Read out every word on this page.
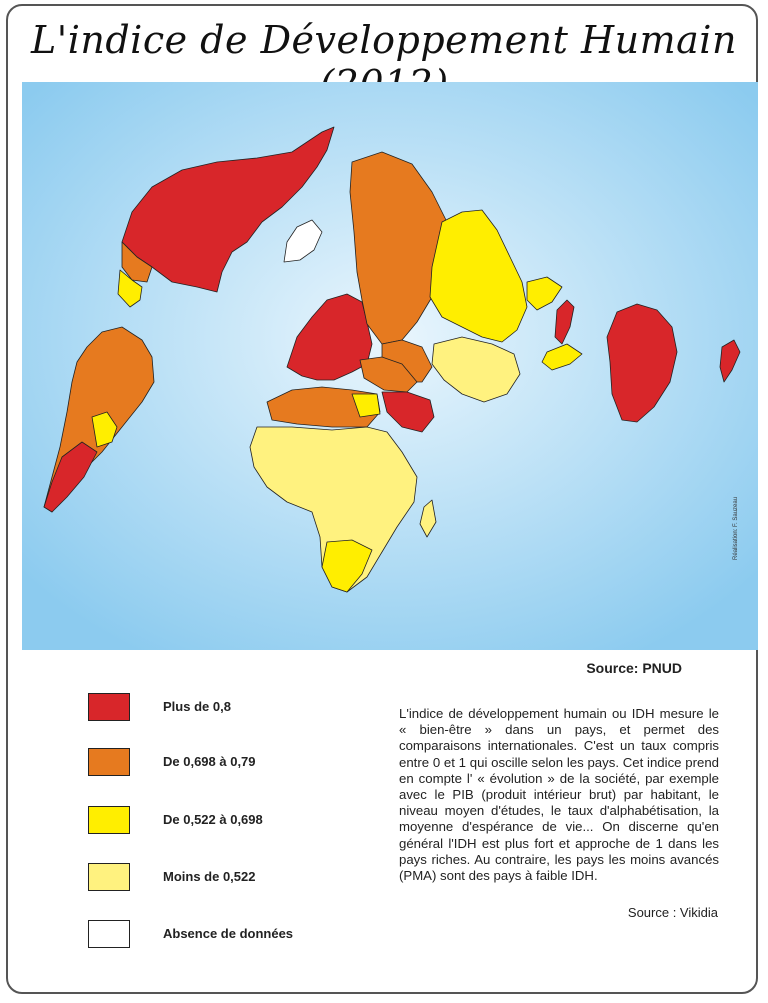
L'indice de Développement Humain
Réalisation: F. Sauzeau
Source: PNUD
Plus de 0,8
De 0,698 à 0,79
De 0,522 à 0,698
Moins de 0,522
Absence de données
L'indice de développement humain ou IDH mesure le « bien-être » dans un pays, et permet des comparaisons internationales. C'est un taux compris entre 0 et 1 qui oscille selon les pays. Cet indice prend en compte l' « évolution » de la société, par exemple avec le PIB (produit intérieur brut) par habitant, le niveau moyen d'études, le taux d'alphabétisation, la moyenne d'espérance de vie... On discerne qu'en général l'IDH est plus fort et approche de 1 dans les pays riches. Au contraire, les pays les moins avancés (PMA) sont des pays à faible IDH.
Source : Vikidia
